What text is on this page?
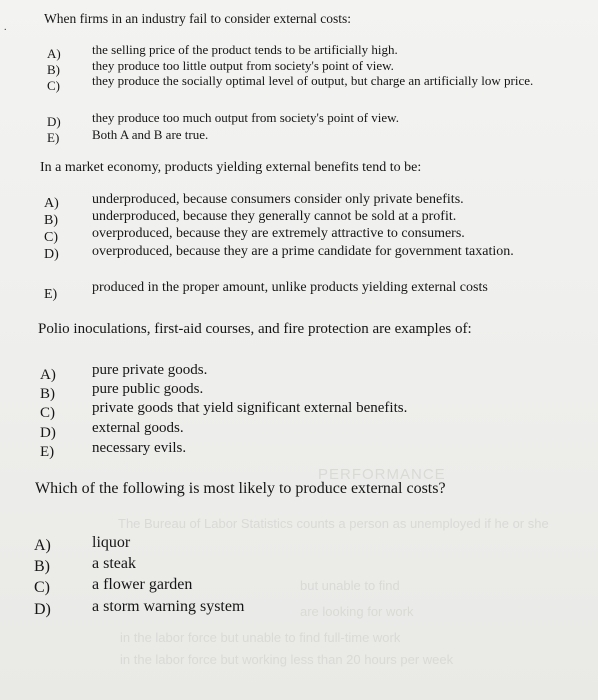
.
PERFORMANCE
The Bureau of Labor Statistics counts a person as unemployed if he or she
but unable to find
are looking for work
in the labor force but unable to find full-time work
in the labor force but working less than 20 hours per week
When firms in an industry fail to consider external costs:
A) the selling price of the product tends to be artificially high.
B) they produce too little output from society's point of view.
C) they produce the socially optimal level of output, but charge an artificially low price.
D) they produce too much output from society's point of view.
E)	Both A and B are true.
In a market economy, products yielding external benefits tend to be:
A) underproduced, because consumers consider only private benefits.
B) underproduced, because they generally cannot be sold at a profit.
C) overproduced, because they are extremely attractive to consumers.
D) overproduced, because they are a prime candidate for government taxation.
E) produced in the proper amount, unlike products yielding external costs
Polio inoculations, first-aid courses, and fire protection are examples of:
A) pure private goods.
B) pure public goods.
C) private goods that yield significant external benefits.
D) external goods.
E)	necessary evils.
Which of the following is most likely to produce external costs?
A)	liquor
B)	a steak
C)	a flower garden
D)	a storm warning system
